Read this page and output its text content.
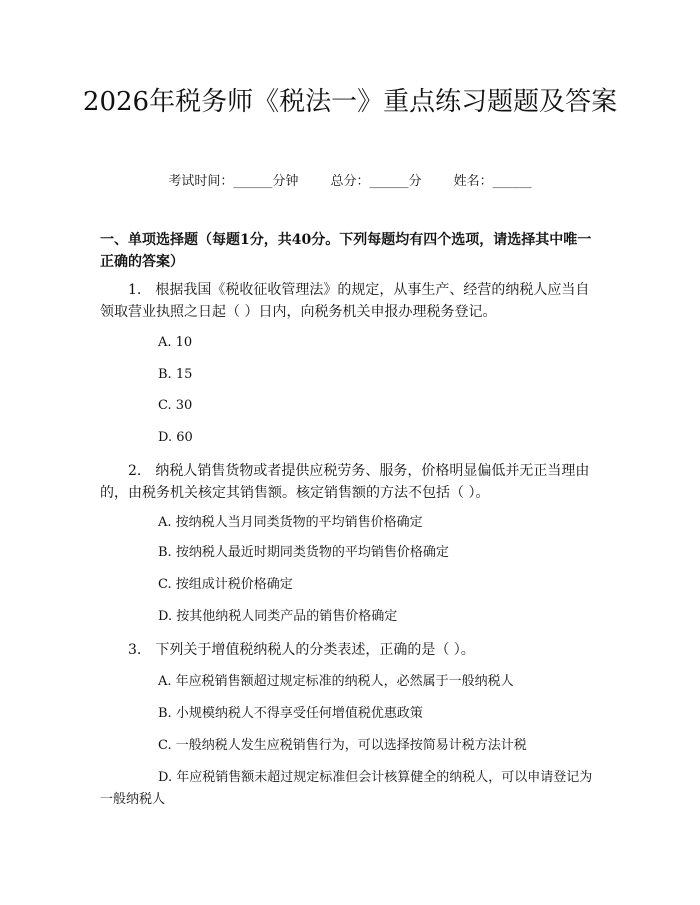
2026年税务师《税法一》重点练习题题及答案
考试时间：______分钟 总分：______分 姓名：______

一、单项选择题（每题1分，共40分。下列每题均有四个选项，请选择其中唯一正确的答案）

1.　根据我国《税收征收管理法》的规定，从事生产、经营的纳税人应当自领取营业执照之日起（ ）日内，向税务机关申报办理税务登记。

A. 10

B. 15

C. 30

D. 60

2.　纳税人销售货物或者提供应税劳务、服务，价格明显偏低并无正当理由的，由税务机关核定其销售额。核定销售额的方法不包括（ ）。

A. 按纳税人当月同类货物的平均销售价格确定

B. 按纳税人最近时期同类货物的平均销售价格确定

C. 按组成计税价格确定

D. 按其他纳税人同类产品的销售价格确定

3.　下列关于增值税纳税人的分类表述，正确的是（ ）。

A. 年应税销售额超过规定标准的纳税人，必然属于一般纳税人

B. 小规模纳税人不得享受任何增值税优惠政策

C. 一般纳税人发生应税销售行为，可以选择按简易计税方法计税

D. 年应税销售额未超过规定标准但会计核算健全的纳税人，可以申请登记为一般纳税人
